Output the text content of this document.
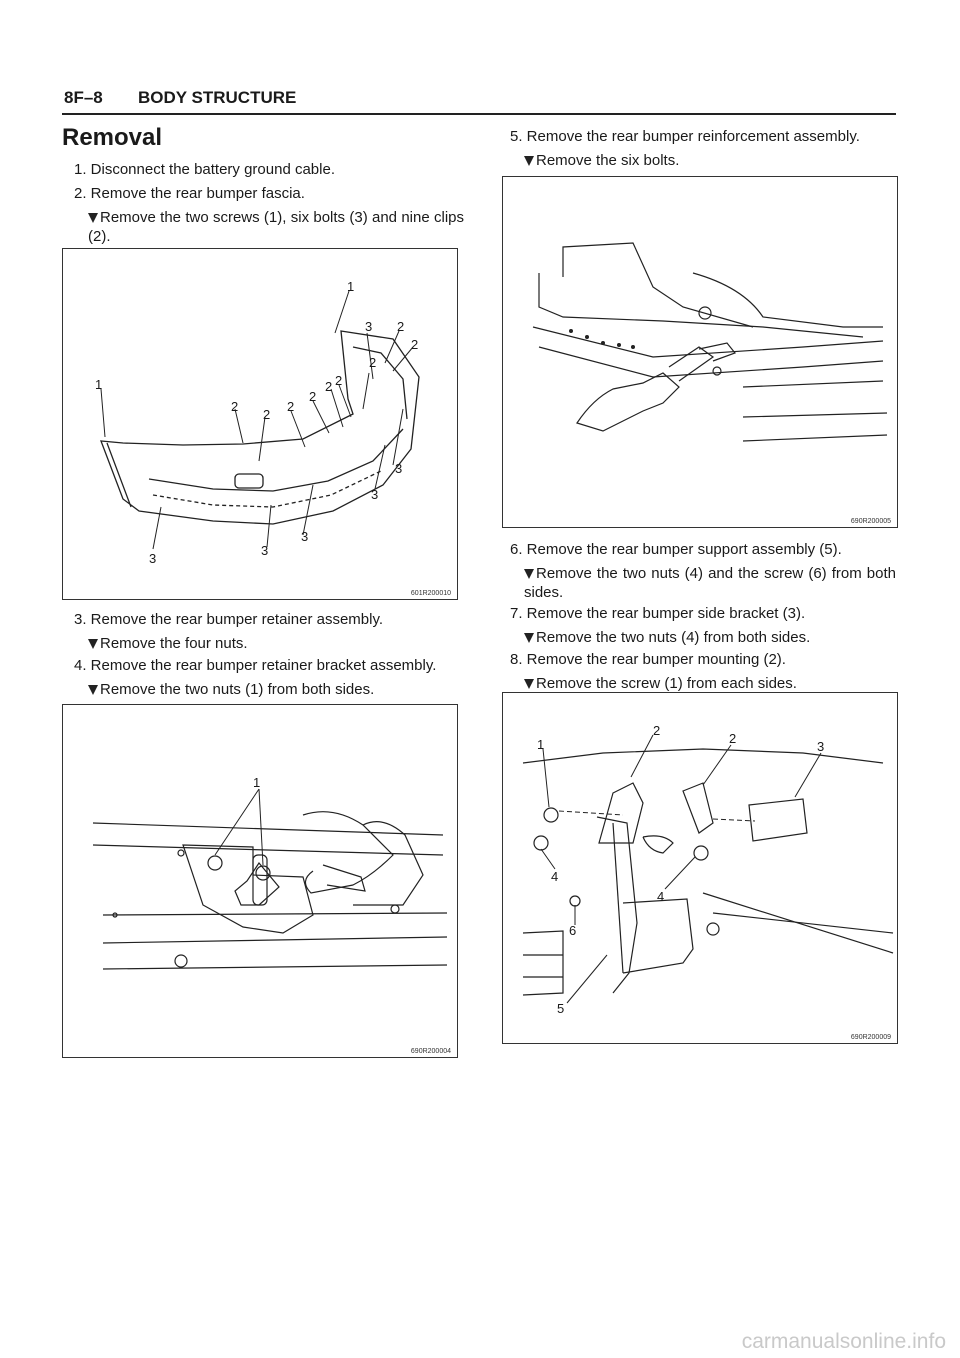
8F–8 BODY STRUCTURE
Removal
1. Disconnect the battery ground cable.
2. Remove the rear bumper fascia.
Remove the two screws (1), six bolts (3) and nine clips (2).
1
1
3 2
2
2
2
2
2
2
2
2
3
3
3
3
3
601R200010
3. Remove the rear bumper retainer assembly.
Remove the four nuts.
4. Remove the rear bumper retainer bracket assembly.
Remove the two nuts (1) from both sides.
1
690R200004
5. Remove the rear bumper reinforcement assembly.
Remove the six bolts.
690R200005
6. Remove the rear bumper support assembly (5).
Remove the two nuts (4) and the screw (6) from both sides.
7. Remove the rear bumper side bracket (3).
Remove the two nuts (4) from both sides.
8. Remove the rear bumper mounting (2).
Remove the screw (1) from each sides.
1
2
2
3
4
4
6
5
690R200009
carmanualsonline.info
